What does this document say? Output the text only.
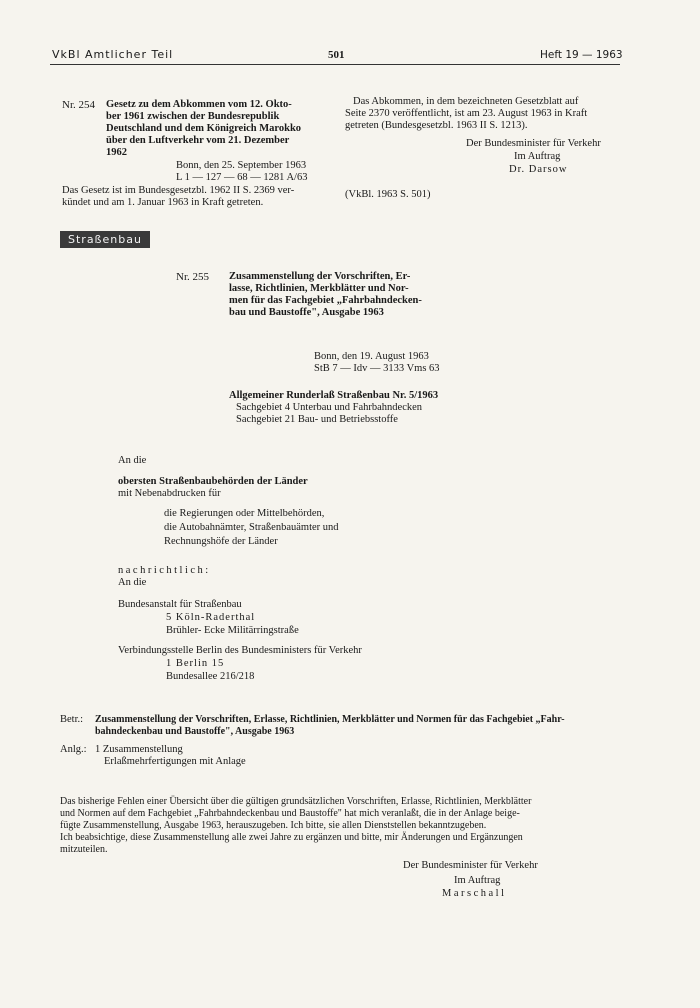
VkBl Amtlicher Teil	501	Heft 19 — 1963
Nr. 254 Gesetz zu dem Abkommen vom 12. Okto-
ber 1961 zwischen der Bundesrepublik
Deutschland und dem Königreich Marokko
über den Luftverkehr vom 21. Dezember
1962
Bonn, den 25. September 1963
L 1 — 127 — 68 — 1281 A/63
Das Gesetz ist im Bundesgesetzbl. 1962 II S. 2369 ver-
kündet und am 1. Januar 1963 in Kraft getreten.
Das Abkommen, in dem bezeichneten Gesetzblatt auf
Seite 2370 veröffentlicht, ist am 23. August 1963 in Kraft
getreten (Bundesgesetzbl. 1963 II S. 1213).
Der Bundesminister für Verkehr
Im Auftrag
Dr. Darsow
(VkBl. 1963 S. 501)
Straßenbau
Nr. 255 Zusammenstellung der Vorschriften, Er-
lasse, Richtlinien, Merkblätter und Nor-
men für das Fachgebiet „Fahrbahndecken-
bau und Baustoffe", Ausgabe 1963
Bonn, den 19. August 1963
StB 7 — Idv — 3133 Vms 63
Allgemeiner Runderlaß Straßenbau Nr. 5/1963
Sachgebiet 4 Unterbau und Fahrbahndecken
Sachgebiet 21 Bau- und Betriebsstoffe
An die
obersten Straßenbaubehörden der Länder
mit Nebenabdrucken für
die Regierungen oder Mittelbehörden,
die Autobahnämter, Straßenbauämter und
Rechnungshöfe der Länder
nachrichtlich:
An die
Bundesanstalt für Straßenbau
5 Köln-Raderthal
Brühler- Ecke Militärringstraße
Verbindungsstelle Berlin des Bundesministers für Verkehr
1 Berlin 15
Bundesallee 216/218
Betr.: Zusammenstellung der Vorschriften, Erlasse, Richtlinien, Merkblätter und Normen für das Fachgebiet „Fahr-
bahndeckenbau und Baustoffe", Ausgabe 1963
Anlg.: 1 Zusammenstellung
Erlaßmehrfertigungen mit Anlage
Das bisherige Fehlen einer Übersicht über die gültigen grundsätzlichen Vorschriften, Erlasse, Richtlinien, Merkblätter
und Normen auf dem Fachgebiet „Fahrbahndeckenbau und Baustoffe" hat mich veranlaßt, die in der Anlage beige-
fügte Zusammenstellung, Ausgabe 1963, herauszugeben. Ich bitte, sie allen Dienststellen bekanntzugeben.
Ich beabsichtige, diese Zusammenstellung alle zwei Jahre zu ergänzen und bitte, mir Änderungen und Ergänzungen
mitzuteilen.
Der Bundesminister für Verkehr
Im Auftrag
Marschall
